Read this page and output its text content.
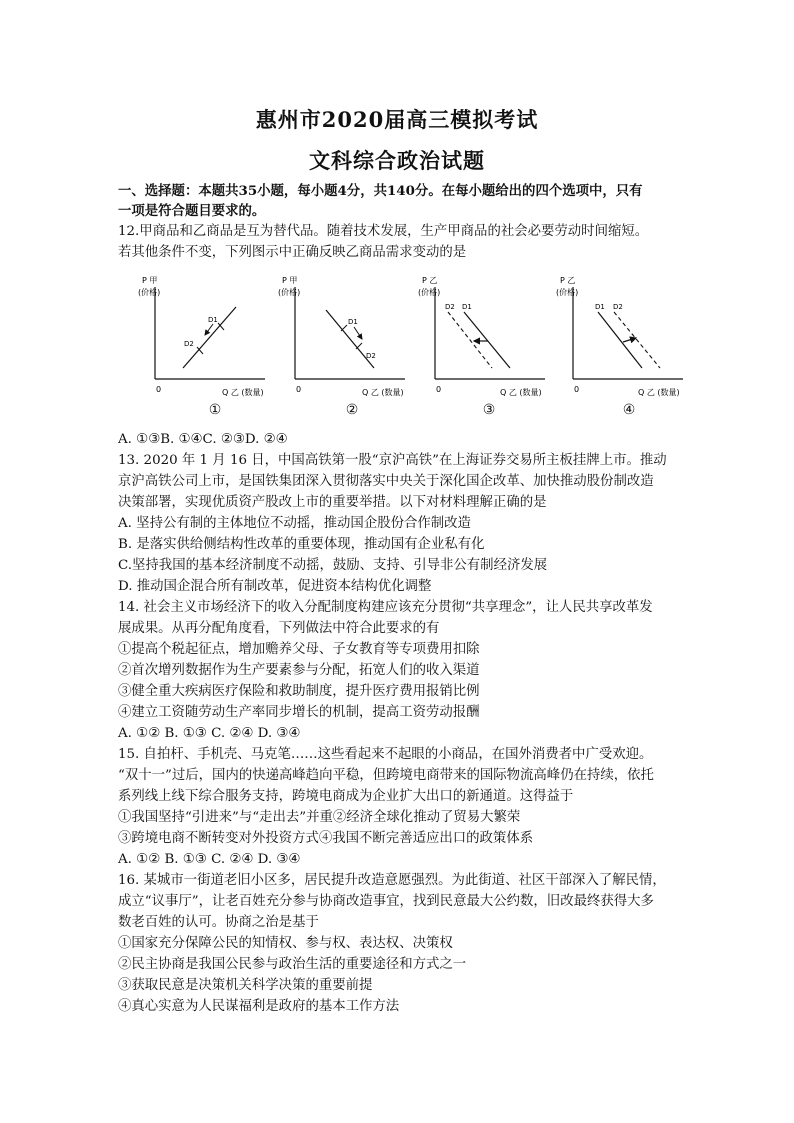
惠州市2020届高三模拟考试
文科综合政治试题
一、选择题：本题共35小题，每小题4分，共140分。在每小题给出的四个选项中，只有
一项是符合题目要求的。
12.甲商品和乙商品是互为替代品。随着技术发展，生产甲商品的社会必要劳动时间缩短。
若其他条件不变，下列图示中正确反映乙商品需求变动的是
P 甲
(价格)
0	Q 乙 (数量)
D1
D2
①
P 甲
(价格)
0	Q 乙 (数量)
D1
D2
②
P 乙
(价格)
0	Q 乙 (数量)
D2 D1
③
P 乙
(价格)
0	Q 乙 (数量)
D1 D2
④
A. ①③B. ①④C. ②③D. ②④
13. 2020 年 1 月 16 日，中国高铁第一股“京沪高铁”在上海证券交易所主板挂牌上市。推动
京沪高铁公司上市，是国铁集团深入贯彻落实中央关于深化国企改革、加快推动股份制改造
决策部署，实现优质资产股改上市的重要举措。以下对材料理解正确的是
A. 坚持公有制的主体地位不动摇，推动国企股份合作制改造
B. 是落实供给侧结构性改革的重要体现，推动国有企业私有化
C.坚持我国的基本经济制度不动摇，鼓励、支持、引导非公有制经济发展
D. 推动国企混合所有制改革，促进资本结构优化调整
14. 社会主义市场经济下的收入分配制度构建应该充分贯彻“共享理念”，让人民共享改革发
展成果。从再分配角度看，下列做法中符合此要求的有
①提高个税起征点，增加赡养父母、子女教育等专项费用扣除
②首次增列数据作为生产要素参与分配，拓宽人们的收入渠道
③健全重大疾病医疗保险和救助制度，提升医疗费用报销比例
④建立工资随劳动生产率同步增长的机制，提高工资劳动报酬
A. ①② B. ①③ C. ②④ D. ③④
15. 自拍杆、手机壳、马克笔……这些看起来不起眼的小商品，在国外消费者中广受欢迎。
“双十一”过后，国内的快递高峰趋向平稳，但跨境电商带来的国际物流高峰仍在持续，依托
系列线上线下综合服务支持，跨境电商成为企业扩大出口的新通道。这得益于
①我国坚持“引进来”与“走出去”并重②经济全球化推动了贸易大繁荣
③跨境电商不断转变对外投资方式④我国不断完善适应出口的政策体系
A. ①② B. ①③ C. ②④ D. ③④
16. 某城市一街道老旧小区多，居民提升改造意愿强烈。为此街道、社区干部深入了解民情，
成立“议事厅”，让老百姓充分参与协商改造事宜，找到民意最大公约数，旧改最终获得大多
数老百姓的认可。协商之治是基于
①国家充分保障公民的知情权、参与权、表达权、决策权
②民主协商是我国公民参与政治生活的重要途径和方式之一
③获取民意是决策机关科学决策的重要前提
④真心实意为人民谋福利是政府的基本工作方法
